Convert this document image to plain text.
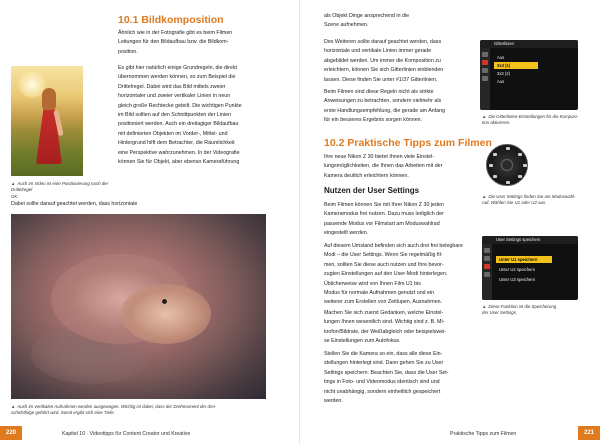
10.1 Bildkomposition
Ähnlich wie in der Fotografie gibt es beim Filmen
Leitungen für den Bildaufbau bzw. die Bildkom-
position.
▲ Auch im Video ist eine Positionierung nach der Drittelregel
OK.
Es gibt hier natürlich einige Grundregeln, die direkt
übernommen werden können, so zum Beispiel die
Drittelregel. Dabei wird das Bild mittels zweier
horizontaler und zweier vertikaler Linien in neun
gleich große Rechtecke geteilt. Die wichtigen Punkte
im Bild sollten auf den Schnittpunkten der Linien
positioniert werden. Auch ein dreilagiger Bildaufbau
mit definierten Objekten im Vorder-, Mittel- und
Hintergrund hilft dem Betrachter, die Räumlichkeit
eine Perspektive wahrzunehmen. In der Videografie
können Sie für Objekt, aber ebenso Kameraführung
Dabei sollte darauf geachtet werden, dass horizontale
▲ Auch im vertikalen Aufnahmen werden ausgewogen. Wichtig ist dabei, dass der Drehmoment der drei-
schichtfolge geführt wird. Somit ergibt sich eine Tiefe.
220	Kapitel 10 · Videotipps für Content Creator und Kreative
als Objekt Dinge ansprechend in die
Szene aufnehmen.
Des Weiteren sollte darauf geachtet werden, dass
horizontale und vertikale Linien immer gerade
abgebildet werden. Um immer die Komposition zu
erleichtern, können Sie sich Gitterlinien einblenden
lassen. Diese finden Sie unter #1/37 Gitterlinien.
Beim Filmen sind diese Regeln nicht als strikte
Anweisungen zu betrachten, sondern vielmehr als
erste Handlungsempfehlung, die gerade am Anfang
für ein besseres Ergebnis sorgen können.
10.2 Praktische Tipps zum Filmen
Ihre neue Nikon Z 30 bietet Ihnen viele Einstel-
lungsmöglichkeiten, die Ihnen das Arbeiten mit der
Kamera deutlich erleichtern können.
Nutzen der User Settings
Beim Filmen können Sie mit Ihrer Nikon Z 30 jeden
Kameramodus frei nutzen. Dazu muss lediglich der
passende Modus vor Filmstart am Moduswahlrad
eingestellt werden.
Auf diesem Umstand befinden sich auch drei frei belegbare
Modi – die User Settings. Wenn Sie regelmäßig fil-
men, sollten Sie diese auch nutzen und Ihre bevor-
zugten Einstellungen auf den User-Modi hinterlegen.
Üblicherweise wird von Ihnen Film U1 bis
Modus für normale Aufnahmen genutzt und ein
weiterer zum Erstellen von Zeitlupen, Ausnahmen.
Machen Sie sich zuerst Gedanken, welche Einstel-
lungen Ihnen wesentlich sind. Wichtig sind z. B. Mi-
krofon/Bildrate, der Weißabgleich oder beispielswei-
se Einstellungen zum Autofokus.
Stellen Sie die Kamera so ein, dass alle diese Ein-
stellungen hinterlegt sind. Dann gehen Sie zu User
Settings speichern. Beachten Sie, dass die User Set-
tings in Foto- und Videomodus identisch sind und
nicht unabhängig, sondern einheitlich gespeichert
werden.
▲ Die Gitterlinien-Einstellungen für die Komposi-
tion aktivieren.
▲ Die User Settings finden Sie am Moduswahl-
rad. Wählen Sie U1 oder U2 aus.
▲ Diese Funktion ist die Speicherung
der User Settings.
Praktische Tipps zum Filmen	221
Gitterlinien
Aus
3x3 (1)
3x3 (2)
Aus
User Settings speichern
Unter U1 speichern
Unter U2 speichern
Unter U3 speichern
